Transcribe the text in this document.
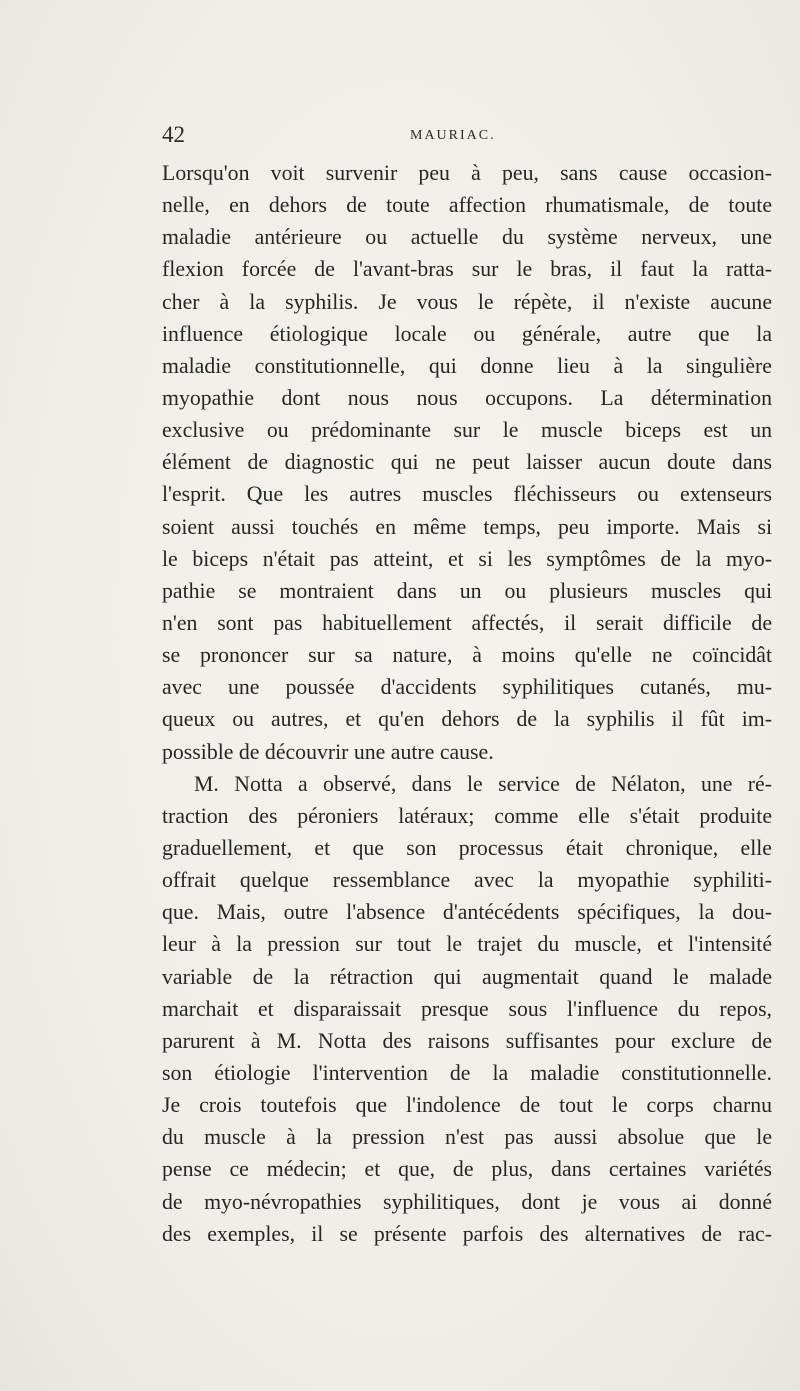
42	MAURIAC.
Lorsqu'on voit survenir peu à peu, sans cause occasion-
nelle, en dehors de toute affection rhumatismale, de toute
maladie antérieure ou actuelle du système nerveux, une
flexion forcée de l'avant-bras sur le bras, il faut la ratta-
cher à la syphilis. Je vous le répète, il n'existe aucune
influence étiologique locale ou générale, autre que la
maladie constitutionnelle, qui donne lieu à la singulière
myopathie dont nous nous occupons. La détermination
exclusive ou prédominante sur le muscle biceps est un
élément de diagnostic qui ne peut laisser aucun doute dans
l'esprit. Que les autres muscles fléchisseurs ou extenseurs
soient aussi touchés en même temps, peu importe. Mais si
le biceps n'était pas atteint, et si les symptômes de la myo-
pathie se montraient dans un ou plusieurs muscles qui
n'en sont pas habituellement affectés, il serait difficile de
se prononcer sur sa nature, à moins qu'elle ne coïncidât
avec une poussée d'accidents syphilitiques cutanés, mu-
queux ou autres, et qu'en dehors de la syphilis il fût im-
possible de découvrir une autre cause.
M. Notta a observé, dans le service de Nélaton, une ré-
traction des péroniers latéraux; comme elle s'était produite
graduellement, et que son processus était chronique, elle
offrait quelque ressemblance avec la myopathie syphiliti-
que. Mais, outre l'absence d'antécédents spécifiques, la dou-
leur à la pression sur tout le trajet du muscle, et l'intensité
variable de la rétraction qui augmentait quand le malade
marchait et disparaissait presque sous l'influence du repos,
parurent à M. Notta des raisons suffisantes pour exclure de
son étiologie l'intervention de la maladie constitutionnelle.
Je crois toutefois que l'indolence de tout le corps charnu
du muscle à la pression n'est pas aussi absolue que le
pense ce médecin; et que, de plus, dans certaines variétés
de myo-névropathies syphilitiques, dont je vous ai donné
des exemples, il se présente parfois des alternatives de rac-
